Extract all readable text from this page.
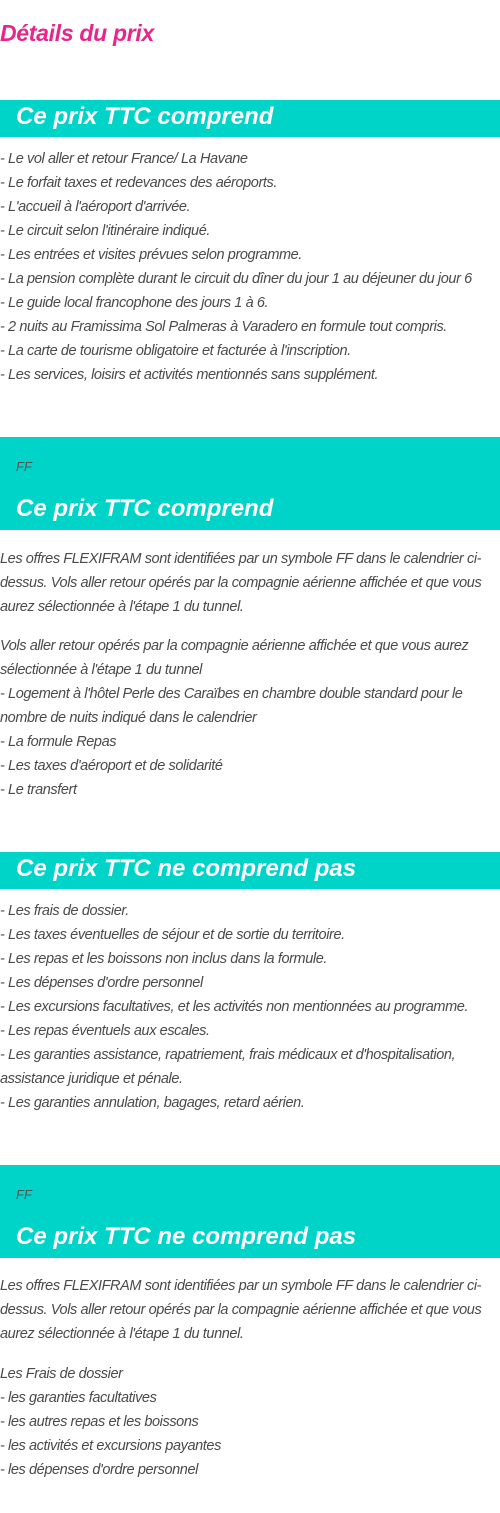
Détails du prix
Ce prix TTC comprend
- Le vol aller et retour France/ La Havane
- Le forfait taxes et redevances des aéroports.
- L'accueil à l'aéroport d'arrivée.
- Le circuit selon l'itinéraire indiqué.
- Les entrées et visites prévues selon programme.
- La pension complète durant le circuit du dîner du jour 1 au déjeuner du jour 6
- Le guide local francophone des jours 1 à 6.
- 2 nuits au Framissima Sol Palmeras à Varadero en formule tout compris.
- La carte de tourisme obligatoire et facturée à l'inscription.
- Les services, loisirs et activités mentionnés sans supplément.
FF
Ce prix TTC comprend
Les offres FLEXIFRAM sont identifiées par un symbole FF dans le calendrier ci-dessus. Vols aller retour opérés par la compagnie aérienne affichée et que vous aurez sélectionnée à l'étape 1 du tunnel.
Vols aller retour opérés par la compagnie aérienne affichée et que vous aurez sélectionnée à l'étape 1 du tunnel
- Logement à l'hôtel Perle des Caraïbes en chambre double standard pour le nombre de nuits indiqué dans le calendrier
- La formule Repas
- Les taxes d'aéroport et de solidarité
- Le transfert
Ce prix TTC ne comprend pas
- Les frais de dossier.
- Les taxes éventuelles de séjour et de sortie du territoire.
- Les repas et les boissons non inclus dans la formule.
- Les dépenses d'ordre personnel
- Les excursions facultatives, et les activités non mentionnées au programme.
- Les repas éventuels aux escales.
- Les garanties assistance, rapatriement, frais médicaux et d'hospitalisation, assistance juridique et pénale.
- Les garanties annulation, bagages, retard aérien.
FF
Ce prix TTC ne comprend pas
Les offres FLEXIFRAM sont identifiées par un symbole FF dans le calendrier ci-dessus. Vols aller retour opérés par la compagnie aérienne affichée et que vous aurez sélectionnée à l'étape 1 du tunnel.
Les Frais de dossier
- les garanties facultatives
- les autres repas et les boissons
- les activités et excursions payantes
- les dépenses d'ordre personnel
